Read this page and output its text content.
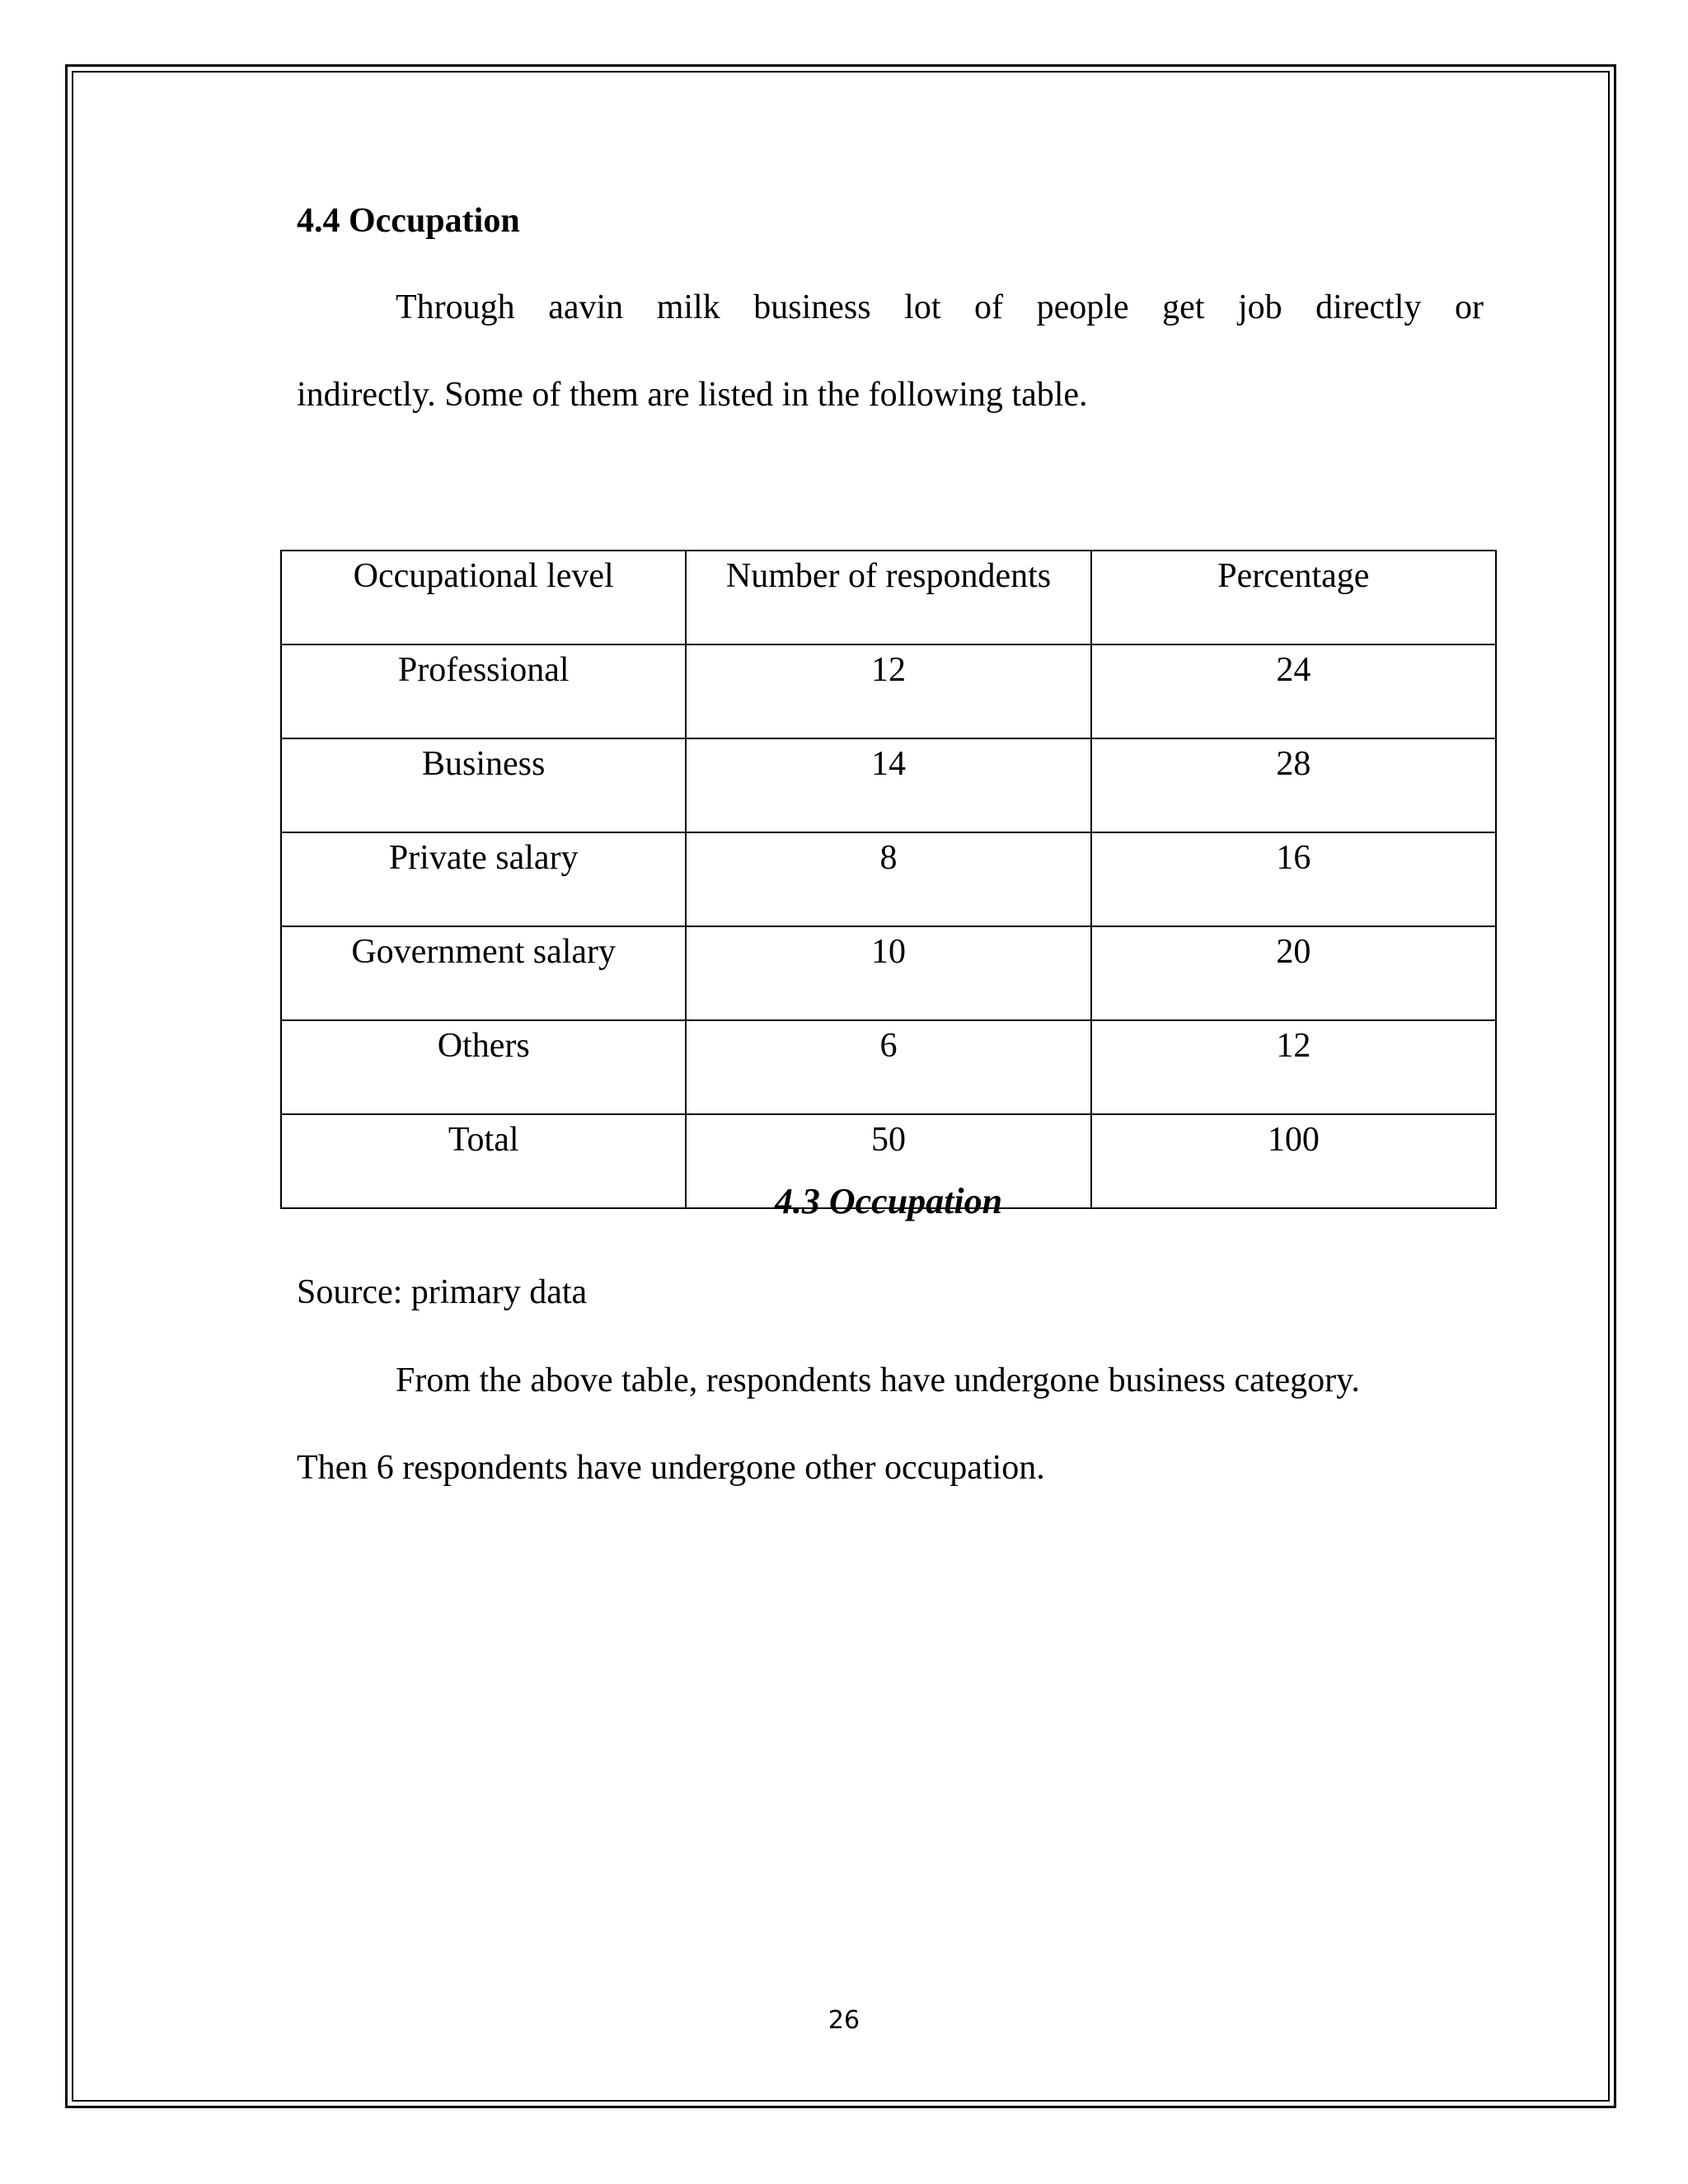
4.4 Occupation
Through aavin milk business lot of people get job directly or
indirectly. Some of them are listed in the following table.
Occupational level	Number of respondents	Percentage
Professional	12	24
Business	14	28
Private salary	8	16
Government salary	10	20
Others	6	12
Total	50	100

4.3 Occupation

Source: primary data

From the above table, respondents have undergone business category.
Then 6 respondents have undergone other occupation.
26
